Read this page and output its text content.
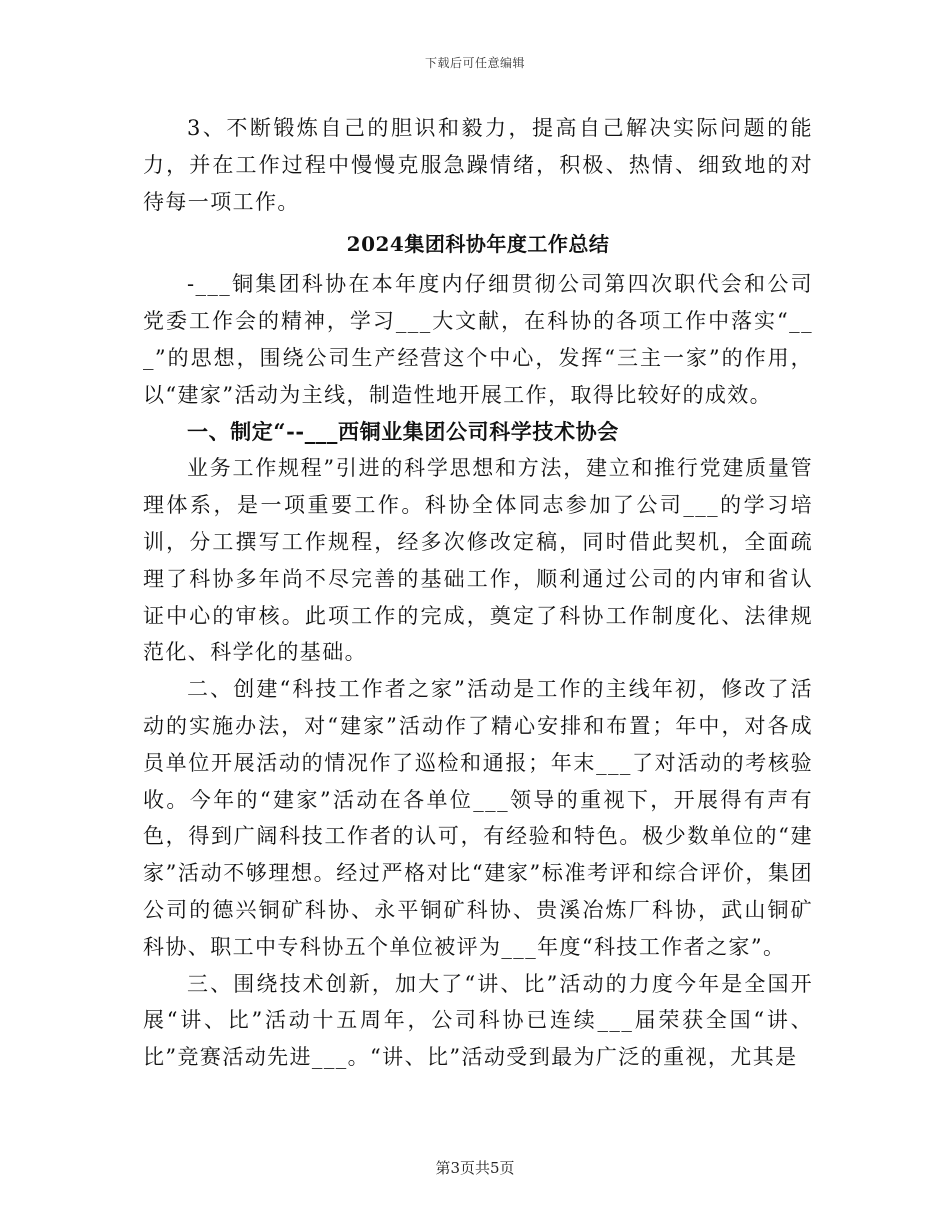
下载后可任意编辑

3、不断锻炼自己的胆识和毅力，提高自己解决实际问题的能力，并在工作过程中慢慢克服急躁情绪，积极、热情、细致地的对待每一项工作。

2024集团科协年度工作总结

-___铜集团科协在本年度内仔细贯彻公司第四次职代会和公司党委工作会的精神，学习___大文献，在科协的各项工作中落实“___”的思想，围绕公司生产经营这个中心，发挥“三主一家”的作用，以“建家”活动为主线，制造性地开展工作，取得比较好的成效。

一、制定“--___西铜业集团公司科学技术协会

业务工作规程”引进的科学思想和方法，建立和推行党建质量管理体系，是一项重要工作。科协全体同志参加了公司___的学习培训，分工撰写工作规程，经多次修改定稿，同时借此契机，全面疏理了科协多年尚不尽完善的基础工作，顺利通过公司的内审和省认证中心的审核。此项工作的完成，奠定了科协工作制度化、法律规范化、科学化的基础。

二、创建“科技工作者之家”活动是工作的主线年初，修改了活动的实施办法，对“建家”活动作了精心安排和布置；年中，对各成员单位开展活动的情况作了巡检和通报；年末___了对活动的考核验收。今年的“建家”活动在各单位___领导的重视下，开展得有声有色，得到广阔科技工作者的认可，有经验和特色。极少数单位的“建家”活动不够理想。经过严格对比“建家”标准考评和综合评价，集团公司的德兴铜矿科协、永平铜矿科协、贵溪冶炼厂科协，武山铜矿科协、职工中专科协五个单位被评为___年度“科技工作者之家”。

三、围绕技术创新，加大了“讲、比”活动的力度今年是全国开展“讲、比”活动十五周年，公司科协已连续___届荣获全国“讲、比”竞赛活动先进___。“讲、比”活动受到最为广泛的重视，尤其是

第3页共5页
